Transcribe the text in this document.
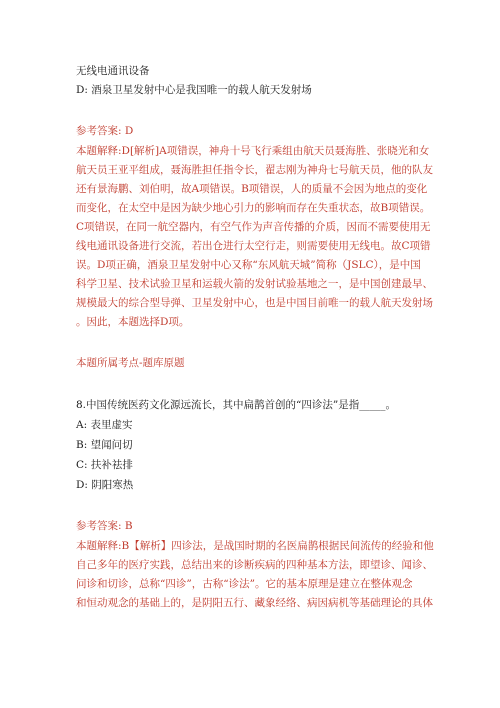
无线电通讯设备
D: 酒泉卫星发射中心是我国唯一的载人航天发射场
参考答案: D
本题解释:D[解析]A项错误，神舟十号飞行乘组由航天员聂海胜、张晓光和女
航天员王亚平组成，聂海胜担任指令长，翟志刚为神舟七号航天员，他的队友
还有景海鹏、刘伯明，故A项错误。B项错误，人的质量不会因为地点的变化
而变化，在太空中是因为缺少地心引力的影响而存在失重状态，故B项错误。
C项错误，在同一航空器内，有空气作为声音传播的介质，因而不需要使用无
线电通讯设备进行交流，若出仓进行太空行走，则需要使用无线电。故C项错
误。D项正确，酒泉卫星发射中心又称“东风航天城”简称（JSLC），是中国
科学卫星、技术试验卫星和运载火箭的发射试验基地之一，是中国创建最早、
规模最大的综合型导弹、卫星发射中心，也是中国目前唯一的载人航天发射场
。因此，本题选择D项。
本题所属考点-题库原题
8.中国传统医药文化源远流长，其中扁鹊首创的“四诊法”是指_____。
A: 表里虚实
B: 望闻问切
C: 扶补祛排
D: 阴阳寒热
参考答案: B
本题解释:B【解析】四诊法，是战国时期的名医扁鹊根据民间流传的经验和他
自己多年的医疗实践，总结出来的诊断疾病的四种基本方法，即望诊、闻诊、
问诊和切诊，总称“四诊”，古称“诊法”。它的基本原理是建立在整体观念
和恒动观念的基础上的，是阴阳五行、藏象经络、病因病机等基础理论的具体
